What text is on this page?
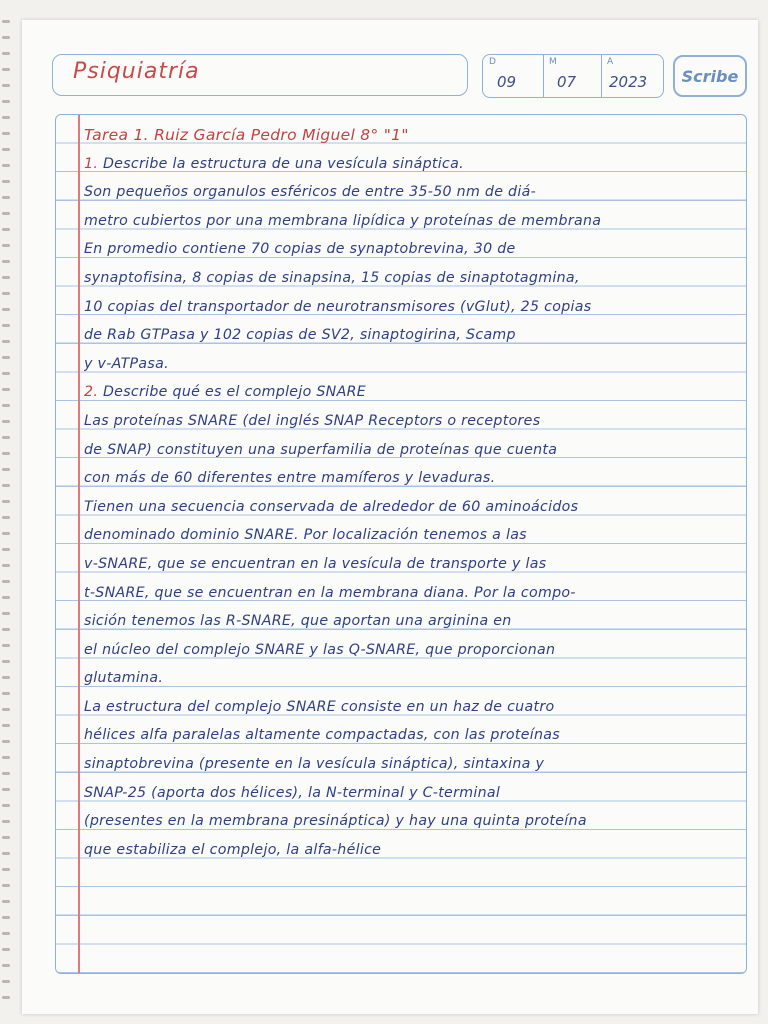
Psiquiatría	D
09
M
07
A
2023 Scribe
Tarea 1. Ruiz García Pedro Miguel 8° "1"
1. Describe la estructura de una vesícula sináptica.
Son pequeños organulos esféricos de entre 35-50 nm de diá-
metro cubiertos por una membrana lipídica y proteínas de membrana
En promedio contiene 70 copias de synaptobrevina, 30 de
synaptofisina, 8 copias de sinapsina, 15 copias de sinaptotagmina,
10 copias del transportador de neurotransmisores (vGlut), 25 copias
de Rab GTPasa y 102 copias de SV2, sinaptogirina, Scamp
y v-ATPasa.
2. Describe qué es el complejo SNARE
Las proteínas SNARE (del inglés SNAP Receptors o receptores
de SNAP) constituyen una superfamilia de proteínas que cuenta
con más de 60 diferentes entre mamíferos y levaduras.
Tienen una secuencia conservada de alrededor de 60 aminoácidos
denominado dominio SNARE. Por localización tenemos a las
v-SNARE, que se encuentran en la vesícula de transporte y las
t-SNARE, que se encuentran en la membrana diana. Por la compo-
sición tenemos las R-SNARE, que aportan una arginina en
el núcleo del complejo SNARE y las Q-SNARE, que proporcionan
glutamina.
La estructura del complejo SNARE consiste en un haz de cuatro
hélices alfa paralelas altamente compactadas, con las proteínas
sinaptobrevina (presente en la vesícula sináptica), sintaxina y
SNAP-25 (aporta dos hélices), la N-terminal y C-terminal
(presentes en la membrana presináptica) y hay una quinta proteína
que estabiliza el complejo, la alfa-hélice
